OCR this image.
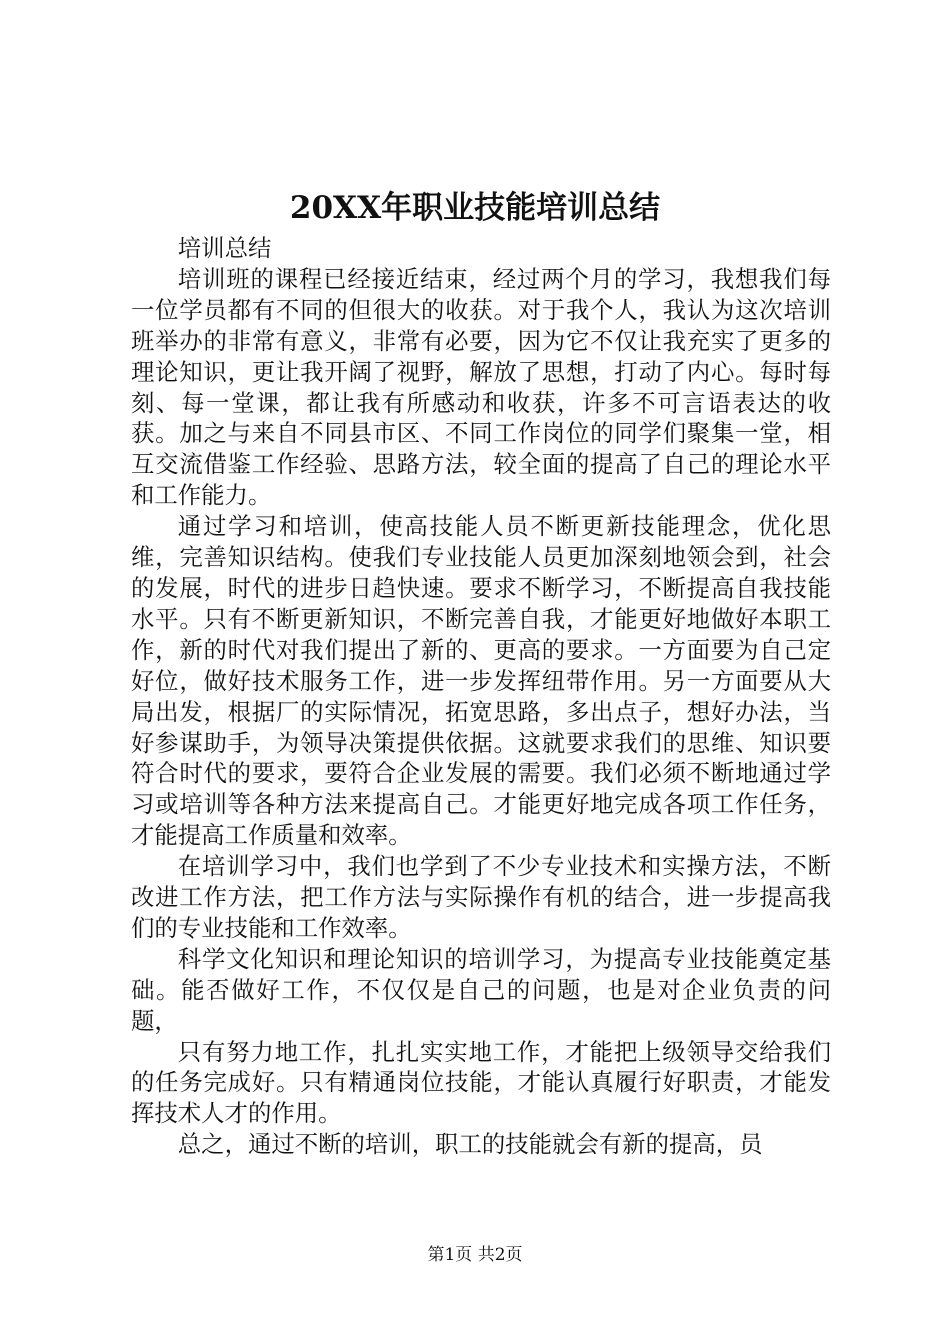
20XX年职业技能培训总结

培训总结

培训班的课程已经接近结束，经过两个月的学习，我想我们每一位学员都有不同的但很大的收获。对于我个人，我认为这次培训班举办的非常有意义，非常有必要，因为它不仅让我充实了更多的理论知识，更让我开阔了视野，解放了思想，打动了内心。每时每刻、每一堂课，都让我有所感动和收获，许多不可言语表达的收获。加之与来自不同县市区、不同工作岗位的同学们聚集一堂，相互交流借鉴工作经验、思路方法，较全面的提高了自己的理论水平和工作能力。

通过学习和培训，使高技能人员不断更新技能理念，优化思维，完善知识结构。使我们专业技能人员更加深刻地领会到，社会的发展，时代的进步日趋快速。要求不断学习，不断提高自我技能水平。只有不断更新知识，不断完善自我，才能更好地做好本职工作，新的时代对我们提出了新的、更高的要求。一方面要为自己定好位，做好技术服务工作，进一步发挥纽带作用。另一方面要从大局出发，根据厂的实际情况，拓宽思路，多出点子，想好办法，当好参谋助手，为领导决策提供依据。这就要求我们的思维、知识要符合时代的要求，要符合企业发展的需要。我们必须不断地通过学习或培训等各种方法来提高自己。才能更好地完成各项工作任务，才能提高工作质量和效率。

在培训学习中，我们也学到了不少专业技术和实操方法，不断改进工作方法，把工作方法与实际操作有机的结合，进一步提高我们的专业技能和工作效率。

科学文化知识和理论知识的培训学习，为提高专业技能奠定基础。能否做好工作，不仅仅是自己的问题，也是对企业负责的问题，

只有努力地工作，扎扎实实地工作，才能把上级领导交给我们的任务完成好。只有精通岗位技能，才能认真履行好职责，才能发挥技术人才的作用。

总之，通过不断的培训，职工的技能就会有新的提高，员

第1页 共2页
